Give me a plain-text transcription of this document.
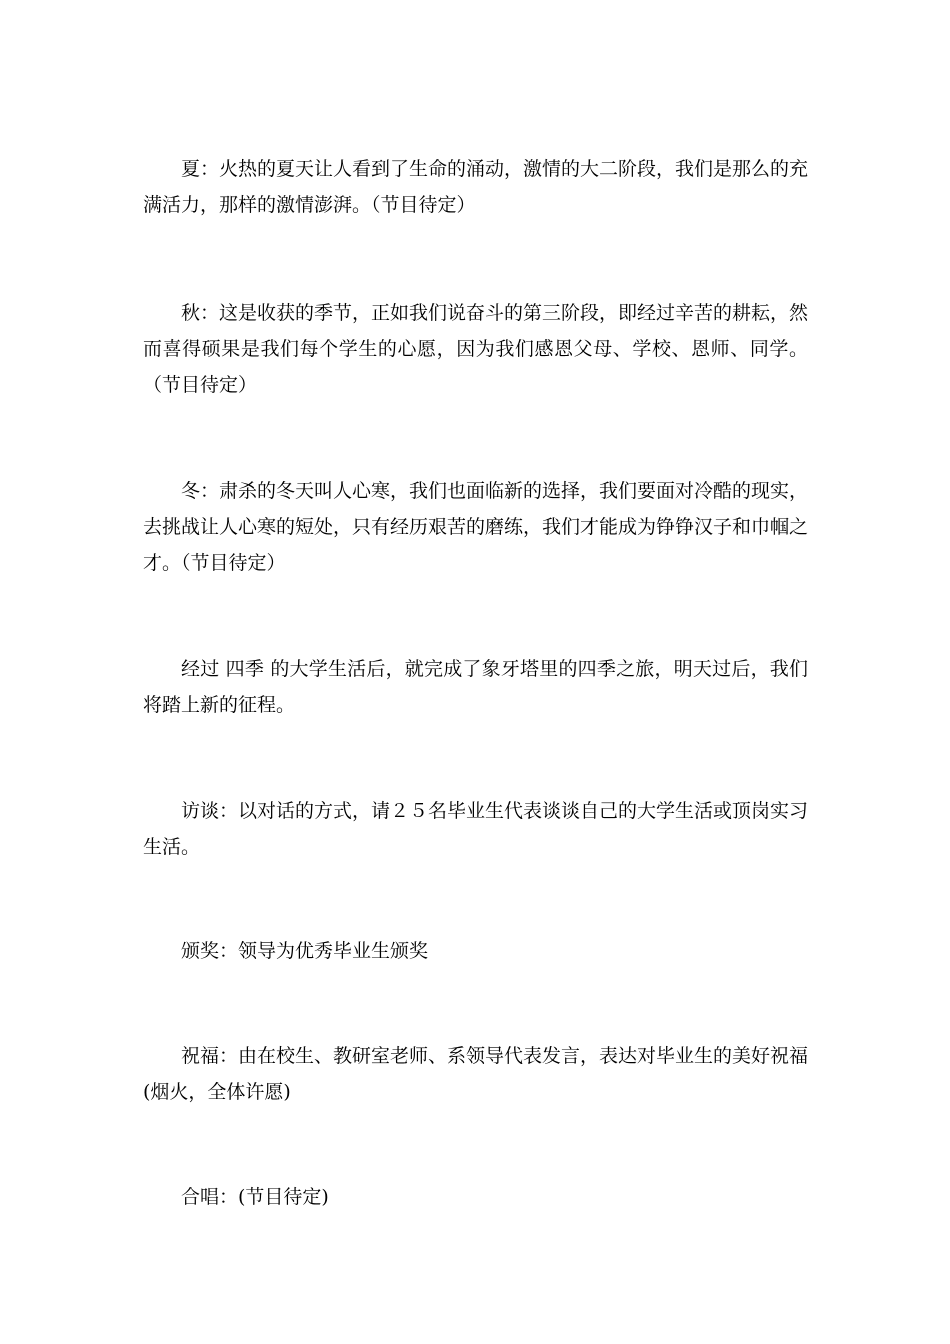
夏：火热的夏天让人看到了生命的涌动，激情的大二阶段，我们是那么的充满活力，那样的激情澎湃。（节目待定）

秋：这是收获的季节，正如我们说奋斗的第三阶段，即经过辛苦的耕耘，然而喜得硕果是我们每个学生的心愿，因为我们感恩父母、学校、恩师、同学。（节目待定）

冬：肃杀的冬天叫人心寒，我们也面临新的选择，我们要面对冷酷的现实，去挑战让人心寒的短处，只有经历艰苦的磨练，我们才能成为铮铮汉子和巾帼之才。（节目待定）

经过 四季 的大学生活后，就完成了象牙塔里的四季之旅，明天过后，我们将踏上新的征程。

访谈：以对话的方式，请２５名毕业生代表谈谈自己的大学生活或顶岗实习生活。

颁奖：领导为优秀毕业生颁奖

祝福：由在校生、教研室老师、系领导代表发言，表达对毕业生的美好祝福(烟火，全体许愿)

合唱：(节目待定)
